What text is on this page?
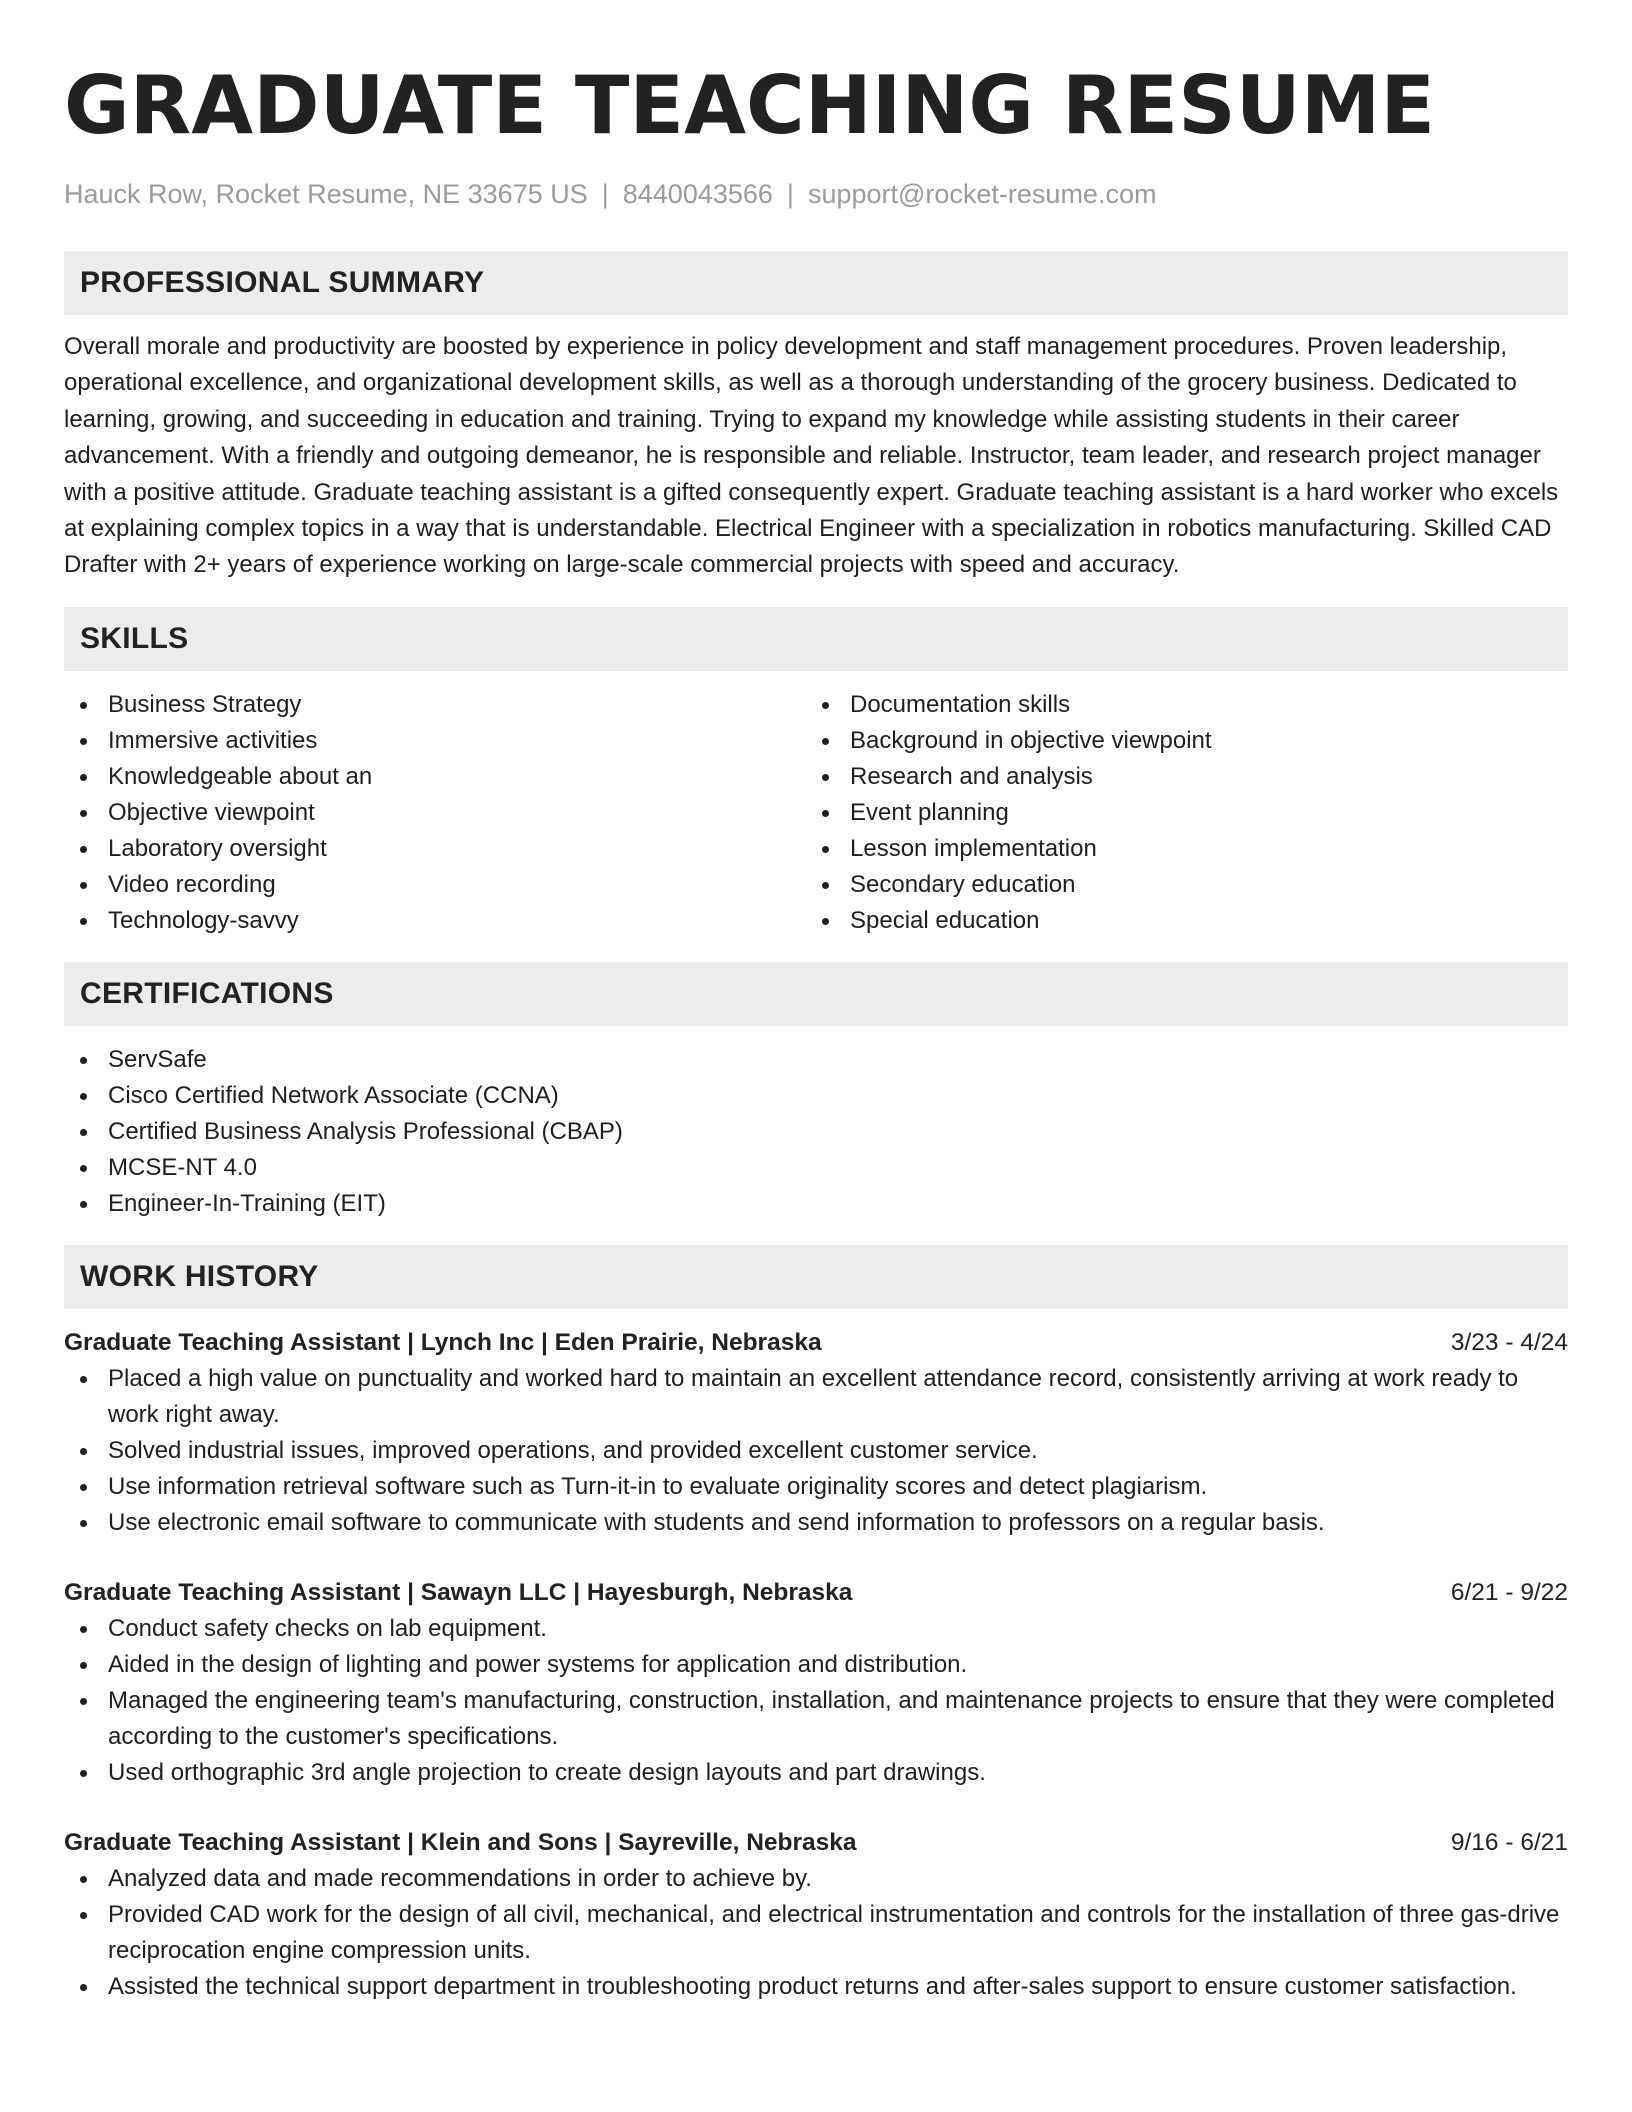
GRADUATE TEACHING RESUME
Hauck Row, Rocket Resume, NE 33675 US | 8440043566 | support@rocket-resume.com
PROFESSIONAL SUMMARY

Overall morale and productivity are boosted by experience in policy development and staff management procedures. Proven leadership, operational excellence, and organizational development skills, as well as a thorough understanding of the grocery business. Dedicated to learning, growing, and succeeding in education and training. Trying to expand my knowledge while assisting students in their career advancement. With a friendly and outgoing demeanor, he is responsible and reliable. Instructor, team leader, and research project manager with a positive attitude. Graduate teaching assistant is a gifted consequently expert. Graduate teaching assistant is a hard worker who excels at explaining complex topics in a way that is understandable. Electrical Engineer with a specialization in robotics manufacturing. Skilled CAD Drafter with 2+ years of experience working on large-scale commercial projects with speed and accuracy.

SKILLS
Business Strategy
Immersive activities
Knowledgeable about an
Objective viewpoint
Laboratory oversight
Video recording
Technology-savvy
Documentation skills
Background in objective viewpoint
Research and analysis
Event planning
Lesson implementation
Secondary education
Special education
CERTIFICATIONS
ServSafe
Cisco Certified Network Associate (CCNA)
Certified Business Analysis Professional (CBAP)
MCSE-NT 4.0
Engineer-In-Training (EIT)
WORK HISTORY
Graduate Teaching Assistant | Lynch Inc | Eden Prairie, Nebraska	3/23 - 4/24
Placed a high value on punctuality and worked hard to maintain an excellent attendance record, consistently arriving at work ready to work right away.
Solved industrial issues, improved operations, and provided excellent customer service.
Use information retrieval software such as Turn-it-in to evaluate originality scores and detect plagiarism.
Use electronic email software to communicate with students and send information to professors on a regular basis.
Graduate Teaching Assistant | Sawayn LLC | Hayesburgh, Nebraska	6/21 - 9/22
Conduct safety checks on lab equipment.
Aided in the design of lighting and power systems for application and distribution.
Managed the engineering team's manufacturing, construction, installation, and maintenance projects to ensure that they were completed according to the customer's specifications.
Used orthographic 3rd angle projection to create design layouts and part drawings.
Graduate Teaching Assistant | Klein and Sons | Sayreville, Nebraska	9/16 - 6/21
Analyzed data and made recommendations in order to achieve by.
Provided CAD work for the design of all civil, mechanical, and electrical instrumentation and controls for the installation of three gas-drive reciprocation engine compression units.
Assisted the technical support department in troubleshooting product returns and after-sales support to ensure customer satisfaction.
